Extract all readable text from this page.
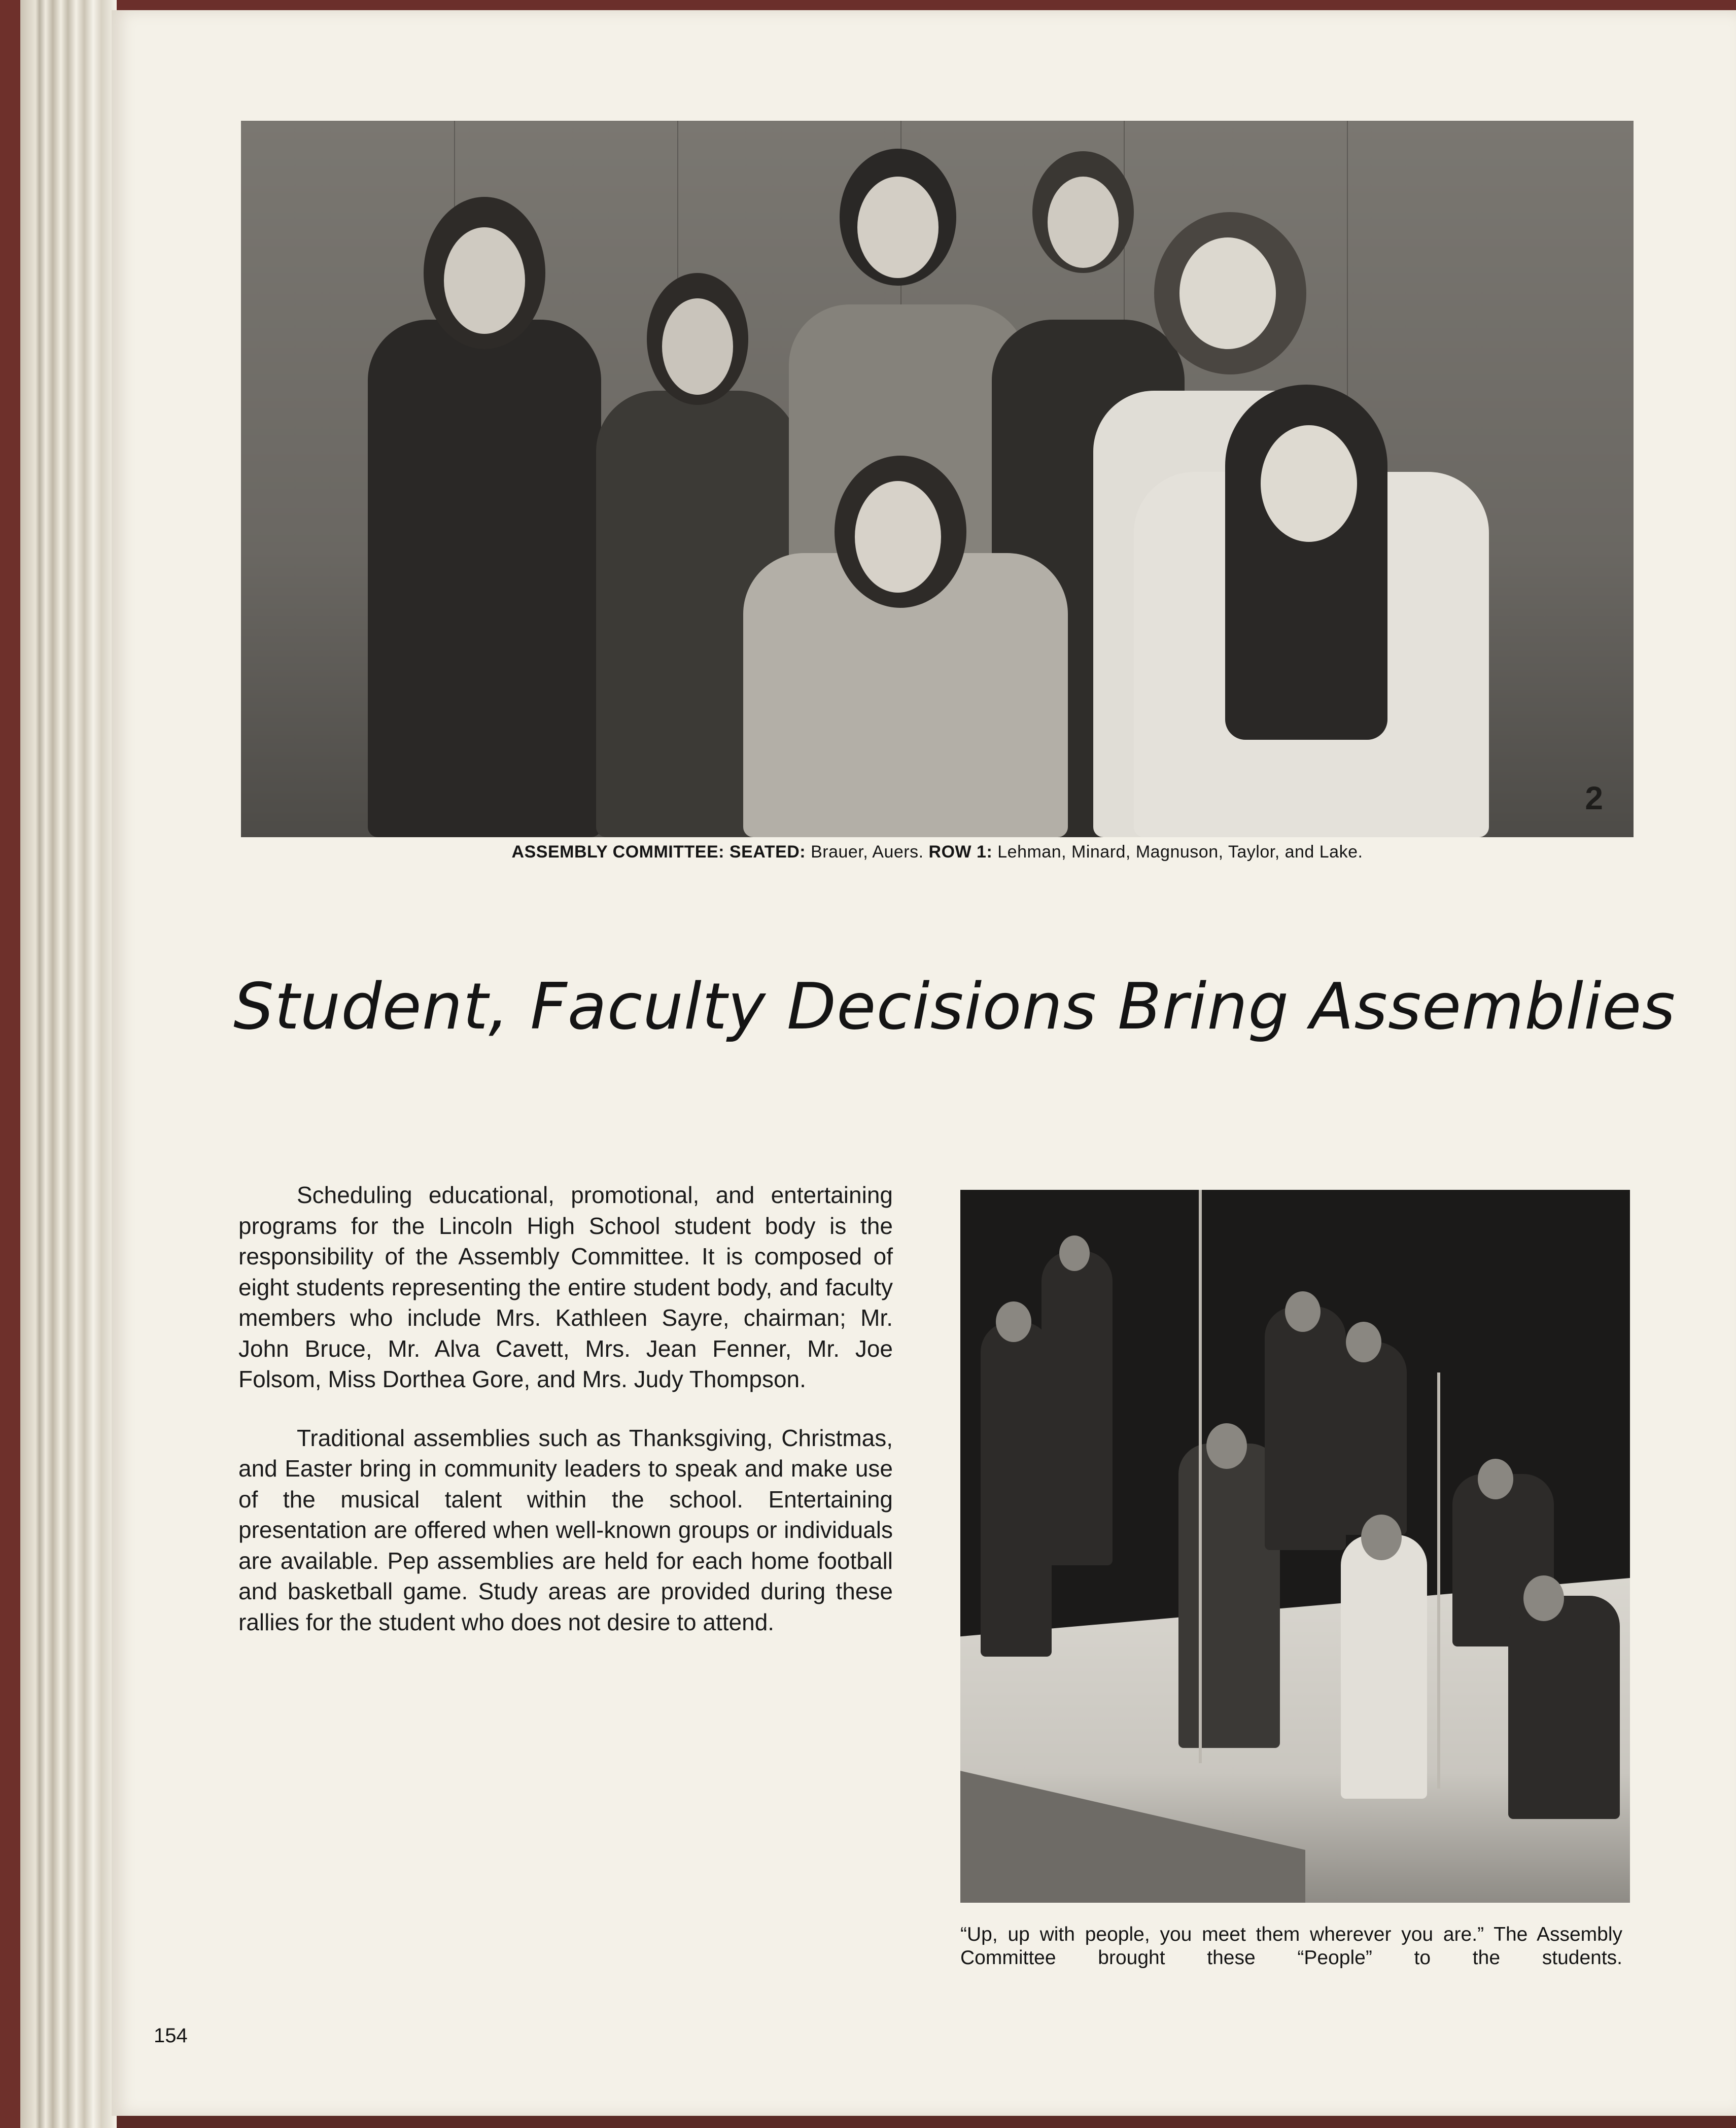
2
ASSEMBLY COMMITTEE: SEATED: Brauer, Auers. ROW 1: Lehman, Minard, Magnuson, Taylor, and Lake.
Student, Faculty Decisions Bring Assemblies

Scheduling educational, promotional, and entertaining programs for the Lincoln High School student body is the responsibility of the Assembly Committee. It is composed of eight students representing the entire student body, and faculty members who include Mrs. Kathleen Sayre, chairman; Mr. John Bruce, Mr. Alva Cavett, Mrs. Jean Fenner, Mr. Joe Folsom, Miss Dorthea Gore, and Mrs. Judy Thompson.

Traditional assemblies such as Thanksgiving, Christmas, and Easter bring in community leaders to speak and make use of the musical talent within the school. Entertaining presentation are offered when well-known groups or individuals are available. Pep assemblies are held for each home football and basketball game. Study areas are provided during these rallies for the student who does not desire to attend.

“Up, up with people, you meet them wherever you are.” The Assembly Committee brought these “People” to the students.
154
